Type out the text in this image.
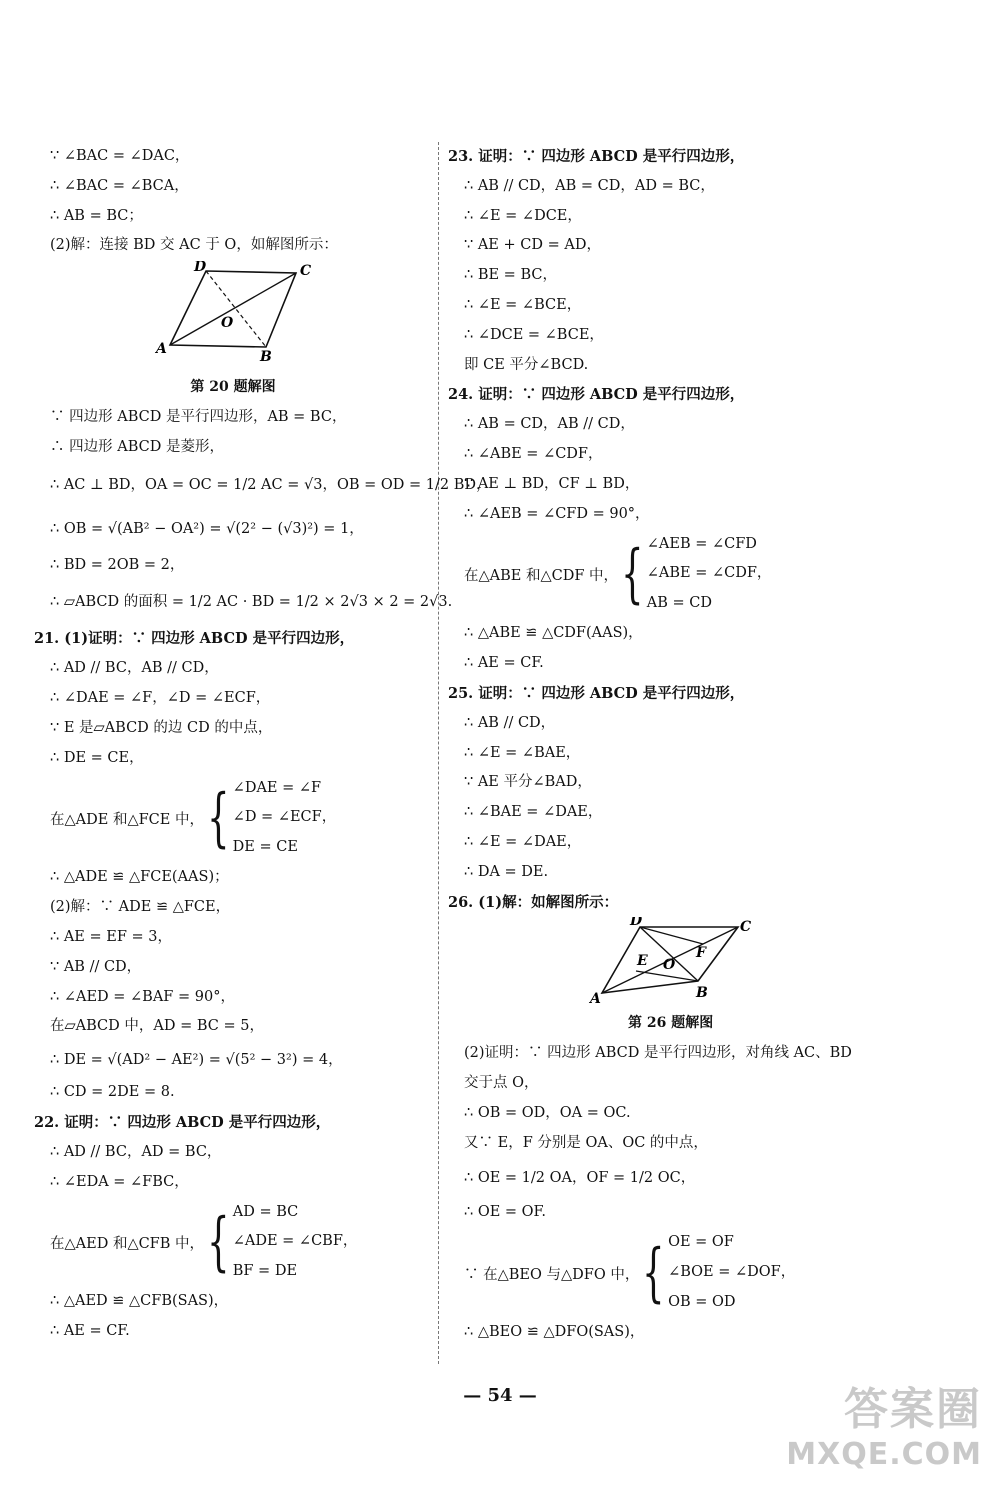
∵ ∠BAC = ∠DAC，
∴ ∠BAC = ∠BCA，
∴ AB = BC；
(2)解：连接 BD 交 AC 于 O，如解图所示：
D	C
O
A	B
第 20 题解图
∵ 四边形 ABCD 是平行四边形，AB = BC，
∴ 四边形 ABCD 是菱形，
∴ AC ⊥ BD，OA = OC = 1/2 AC = √3，OB = OD = 1/2 BD，
∴ OB = √(AB² − OA²) = √(2² − (√3)²) = 1，
∴ BD = 2OB = 2，
∴ ▱ABCD 的面积 = 1/2 AC · BD = 1/2 × 2√3 × 2 = 2√3.
21. (1)证明：∵ 四边形 ABCD 是平行四边形，
∴ AD // BC，AB // CD，
∴ ∠DAE = ∠F，∠D = ∠ECF，
∵ E 是▱ABCD 的边 CD 的中点，
∴ DE = CE，
在△ADE 和△FCE 中， { ∠DAE = ∠F
∠D = ∠ECF，
DE = CE
∴ △ADE ≌ △FCE(AAS)；
(2)解：∵ ADE ≌ △FCE，
∴ AE = EF = 3，
∵ AB // CD，
∴ ∠AED = ∠BAF = 90°，
在▱ABCD 中，AD = BC = 5，
∴ DE = √(AD² − AE²) = √(5² − 3²) = 4，
∴ CD = 2DE = 8.
22. 证明：∵ 四边形 ABCD 是平行四边形，
∴ AD // BC，AD = BC，
∴ ∠EDA = ∠FBC，
在△AED 和△CFB 中， { AD = BC
∠ADE = ∠CBF，
BF = DE
∴ △AED ≌ △CFB(SAS)，
∴ AE = CF.
23. 证明：∵ 四边形 ABCD 是平行四边形，
∴ AB // CD，AB = CD，AD = BC，
∴ ∠E = ∠DCE，
∵ AE + CD = AD，
∴ BE = BC，
∴ ∠E = ∠BCE，
∴ ∠DCE = ∠BCE，
即 CE 平分∠BCD.
24. 证明：∵ 四边形 ABCD 是平行四边形，
∴ AB = CD，AB // CD，
∴ ∠ABE = ∠CDF，
∵ AE ⊥ BD，CF ⊥ BD，
∴ ∠AEB = ∠CFD = 90°，
在△ABE 和△CDF 中， { ∠AEB = ∠CFD
∠ABE = ∠CDF，
AB = CD
∴ △ABE ≌ △CDF(AAS)，
∴ AE = CF.
25. 证明：∵ 四边形 ABCD 是平行四边形，
∴ AB // CD，
∴ ∠E = ∠BAE，
∵ AE 平分∠BAD，
∴ ∠BAE = ∠DAE，
∴ ∠E = ∠DAE，
∴ DA = DE.
26. (1)解：如解图所示：
D	C
E O
F
A	B
第 26 题解图
(2)证明：∵ 四边形 ABCD 是平行四边形，对角线 AC、BD
交于点 O，
∴ OB = OD，OA = OC.
又∵ E，F 分别是 OA、OC 的中点，
∴ OE = 1/2 OA，OF = 1/2 OC，
∴ OE = OF.
∵ 在△BEO 与△DFO 中， { OE = OF
∠BOE = ∠DOF，
OB = OD
∴ △BEO ≌ △DFO(SAS)，
— 54 —	答案圈
MXQE.COM
